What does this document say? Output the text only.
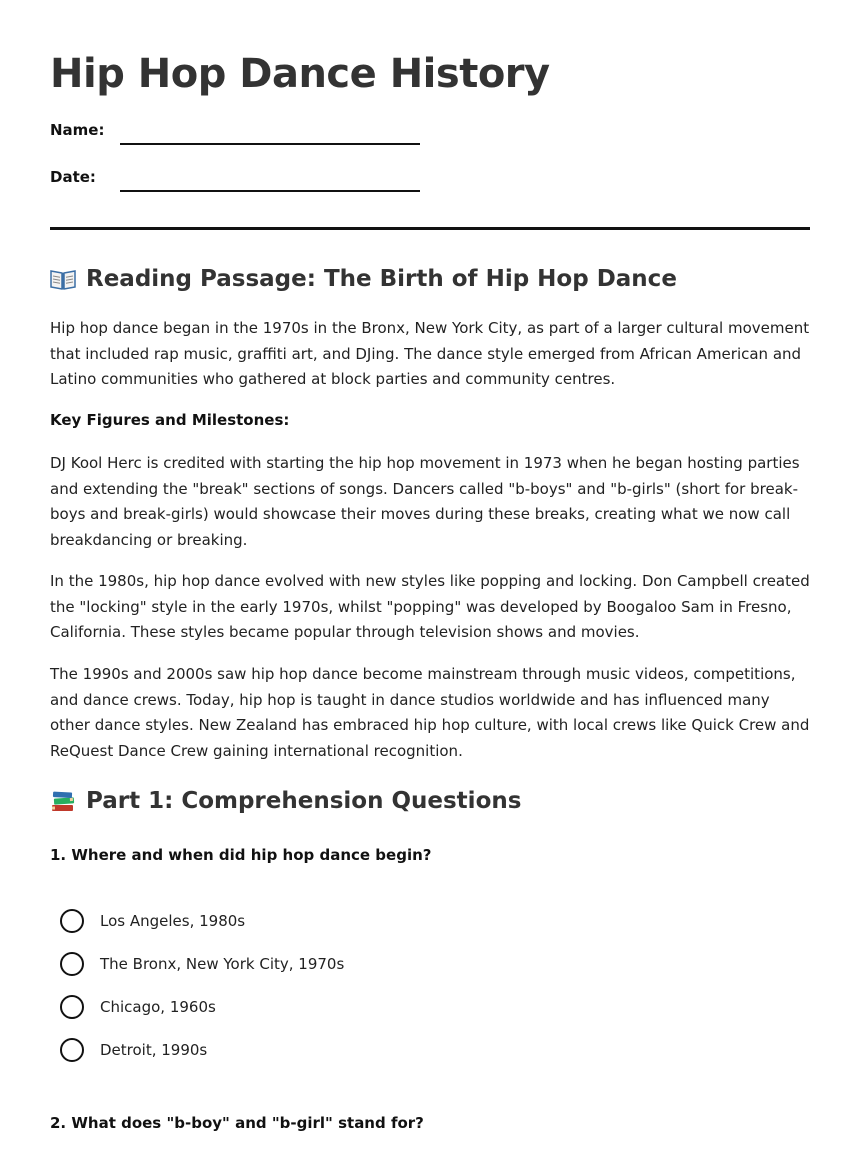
Hip Hop Dance History
Name:
Date:
Reading Passage: The Birth of Hip Hop Dance

Hip hop dance began in the 1970s in the Bronx, New York City, as part of a larger cultural movement that included rap music, graffiti art, and DJing. The dance style emerged from African American and Latino communities who gathered at block parties and community centres.

Key Figures and Milestones:

DJ Kool Herc is credited with starting the hip hop movement in 1973 when he began hosting parties and extending the "break" sections of songs. Dancers called "b-boys" and "b-girls" (short for break-boys and break-girls) would showcase their moves during these breaks, creating what we now call breakdancing or breaking.

In the 1980s, hip hop dance evolved with new styles like popping and locking. Don Campbell created the "locking" style in the early 1970s, whilst "popping" was developed by Boogaloo Sam in Fresno, California. These styles became popular through television shows and movies.

The 1990s and 2000s saw hip hop dance become mainstream through music videos, competitions, and dance crews. Today, hip hop is taught in dance studios worldwide and has influenced many other dance styles. New Zealand has embraced hip hop culture, with local crews like Quick Crew and ReQuest Dance Crew gaining international recognition.

Part 1: Comprehension Questions

1. Where and when did hip hop dance begin?

Los Angeles, 1980s
The Bronx, New York City, 1970s
Chicago, 1960s
Detroit, 1990s

2. What does "b-boy" and "b-girl" stand for?
